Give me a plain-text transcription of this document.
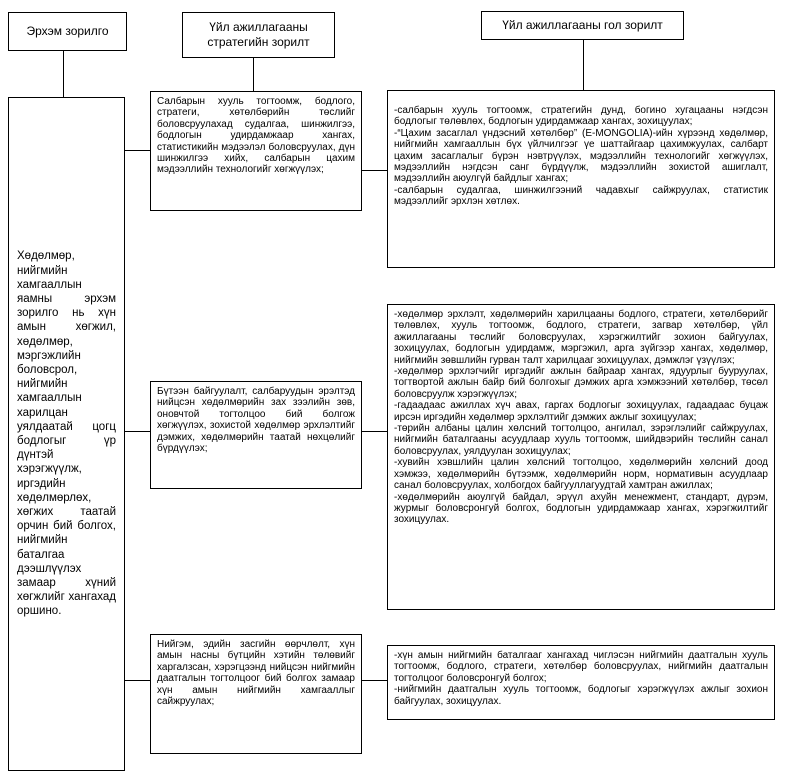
Эрхэм зорилго	Үйл ажиллагааны стратегийн зорилт
Үйл ажиллагааны гол зорилт
Хөдөлмөр, нийгмийн хамгааллын яамны эрхэм зорилго нь хүн амын хөгжил, хөдөлмөр, мэргэжлийн боловсрол, нийгмийн хамгааллын харилцан уялдаатай цогц бодлогыг үр дүнтэй хэрэгжүүлж, иргэдийн хөдөлмөрлөх, хөгжих таатай орчин бий болгох, нийгмийн баталгаа дээшлүүлэх замаар хүний хөгжлийг хангахад оршино.
Салбарын хууль тогтоомж, бодлого, стратеги, хөтөлбөрийн төслийг боловсруулахад судалгаа, шинжилгээ, бодлогын удирдамжаар хангах, статистикийн мэдээлэл боловсруулах, дүн шинжилгээ хийх, салбарын цахим мэдээллийн технологийг хөгжүүлэх;
Бүтээн байгуулалт, салбаруудын эрэлтэд нийцсэн хөдөлмөрийн зах зээлийн зөв, оновчтой тогтолцоо бий болгож хөгжүүлэх, зохистой хөдөлмөр эрхлэлтийг дэмжих, хөдөлмөрийн таатай нөхцөлийг бүрдүүлэх;
Нийгэм, эдийн засгийн өөрчлөлт, хүн амын насны бүтцийн хэтийн төлөвийг харгалзсан, хэрэгцээнд нийцсэн нийгмийн даатгалын тогтолцоог бий болгох замаар хүн амын нийгмийн хамгааллыг сайжруулах;
-салбарын хууль тогтоомж, стратегийн дунд, богино хугацааны нэгдсэн бодлогыг төлөвлөх, бодлогын удирдамжаар хангах, зохицуулах;
-“Цахим засаглал үндэсний хөтөлбөр” (E-MONGOLIA)-ийн хүрээнд хөдөлмөр, нийгмийн хамгааллын бүх үйлчилгээг үе шаттайгаар цахимжуулах, салбарт цахим засаглалыг бүрэн нэвтрүүлэх, мэдээллийн технологийг хөгжүүлэх, мэдээллийн нэгдсэн санг бүрдүүлж, мэдээллийн зохистой ашиглалт, мэдээллийн аюулгүй байдлыг хангах;
-салбарын судалгаа, шинжилгээний чадавхыг сайжруулах, статистик мэдээллийг эрхлэн хөтлөх.
-хөдөлмөр эрхлэлт, хөдөлмөрийн харилцааны бодлого, стратеги, хөтөлбөрийг төлөвлөх, хууль тогтоомж, бодлого, стратеги, загвар хөтөлбөр, үйл ажиллагааны төслийг боловсруулах, хэрэгжилтийг зохион байгуулах, зохицуулах, бодлогын удирдамж, мэргэжил, арга зүйгээр хангах, хөдөлмөр, нийгмийн зөвшлийн гурван талт харилцааг зохицуулах, дэмжлэг үзүүлэх;
-хөдөлмөр эрхлэгчийг иргэдийг ажлын байраар хангах, ядуурлыг бууруулах, тогтвортой ажлын байр бий болгохыг дэмжих арга хэмжээний хөтөлбөр, төсөл боловсруулж хэрэгжүүлэх;
-гадаадаас ажиллах хүч авах, гаргах бодлогыг зохицуулах, гадаадаас буцаж ирсэн иргэдийн хөдөлмөр эрхлэлтийг дэмжих ажлыг зохицуулах;
-төрийн албаны цалин хөлсний тогтолцоо, ангилал, зэрэглэлийг сайжруулах, нийгмийн баталгааны асуудлаар хууль тогтоомж, шийдвэрийн төслийн санал боловсруулах, уялдуулан зохицуулах;
-хувийн хэвшлийн цалин хөлсний тогтолцоо, хөдөлмөрийн хөлсний доод хэмжээ, хөдөлмөрийн бүтээмж, хөдөлмөрийн норм, нормативын асуудлаар санал боловсруулах, холбогдох байгууллагуудтай хамтран ажиллах;
-хөдөлмөрийн аюулгүй байдал, эрүүл ахуйн менежмент, стандарт, дүрэм, журмыг боловсронгуй болгох, бодлогын удирдамжаар хангах, хэрэгжилтийг зохицуулах.
-хүн амын нийгмийн баталгааг хангахад чиглэсэн нийгмийн даатгалын хууль тогтоомж, бодлого, стратеги, хөтөлбөр боловсруулах, нийгмийн даатгалын тогтолцоог боловсронгуй болгох;
-нийгмийн даатгалын хууль тогтоомж, бодлогыг хэрэгжүүлэх ажлыг зохион байгуулах, зохицуулах.
